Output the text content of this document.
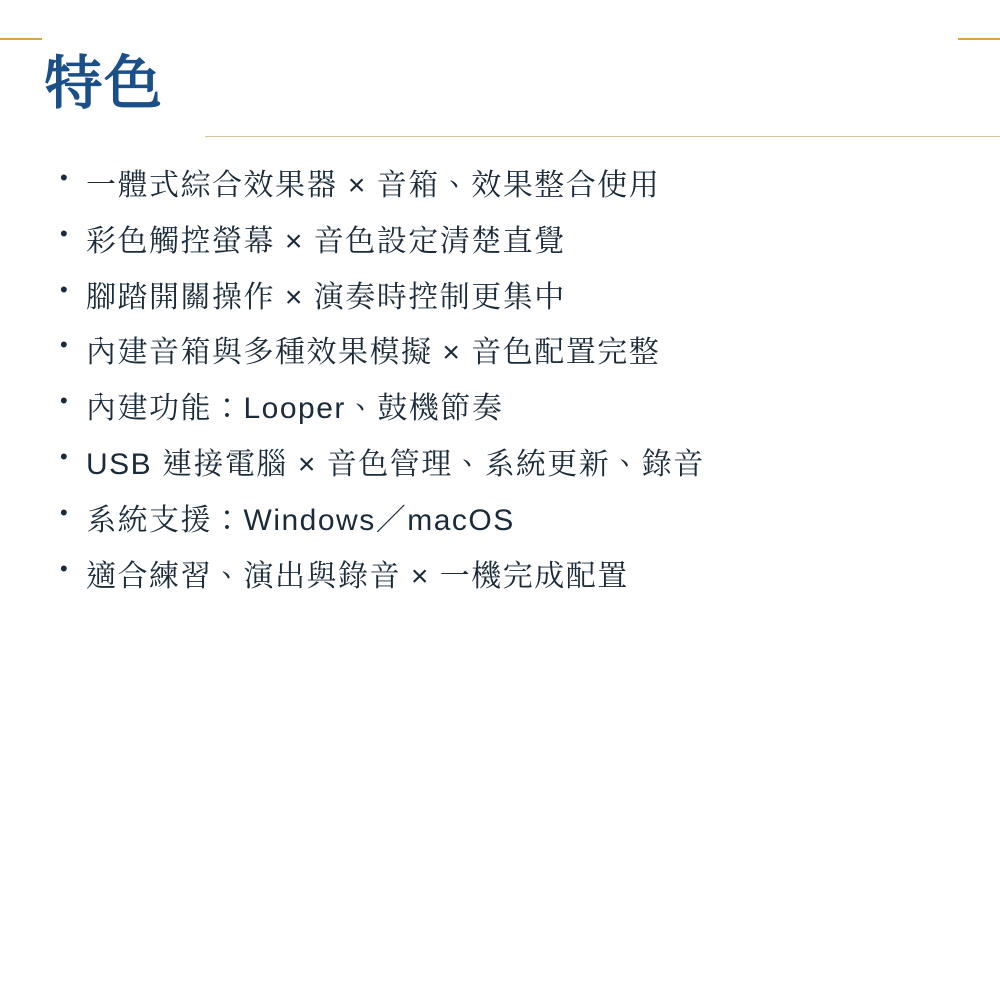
特色
• 一體式綜合效果器 × 音箱、效果整合使用
• 彩色觸控螢幕 × 音色設定清楚直覺
• 腳踏開關操作 × 演奏時控制更集中
• 內建音箱與多種效果模擬 × 音色配置完整
• 內建功能：Looper、鼓機節奏
• USB 連接電腦 × 音色管理、系統更新、錄音
• 系統支援：Windows／macOS
• 適合練習、演出與錄音 × 一機完成配置
